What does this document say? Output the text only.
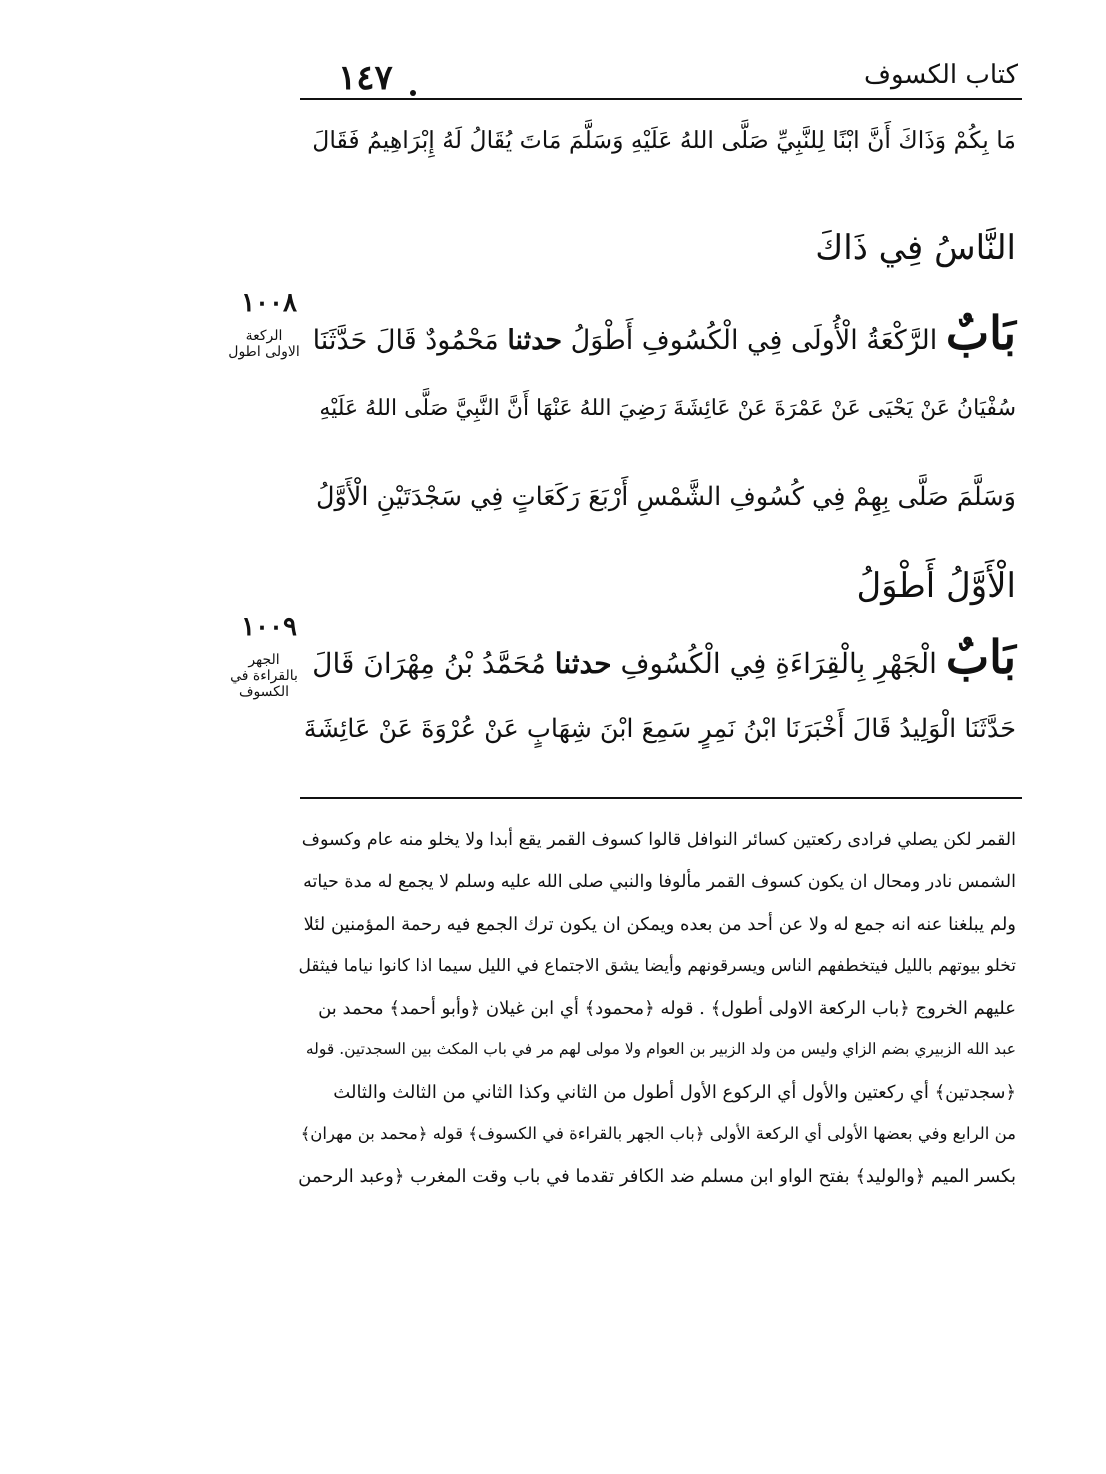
١٤٧	كتاب الكسوف
مَا بِكُمْ وَذَاكَ أَنَّ ابْنًا لِلنَّبِيِّ صَلَّى اللهُ عَلَيْهِ وَسَلَّمَ مَاتَ يُقَالُ لَهُ إِبْرَاهِيمُ فَقَالَ
النَّاسُ فِي ذَاكَ
١٠٠٨
الركعة
الاولى اطول	بَابٌ الرَّكْعَةُ الْأُولَى فِي الْكُسُوفِ أَطْوَلُ حدثنا مَحْمُودٌ قَالَ حَدَّثَنَا
سُفْيَانُ عَنْ يَحْيَى عَنْ عَمْرَةَ عَنْ عَائِشَةَ رَضِيَ اللهُ عَنْهَا أَنَّ النَّبِيَّ صَلَّى اللهُ عَلَيْهِ
وَسَلَّمَ صَلَّى بِهِمْ فِي كُسُوفِ الشَّمْسِ أَرْبَعَ رَكَعَاتٍ فِي سَجْدَتَيْنِ الْأَوَّلُ
الْأَوَّلُ أَطْوَلُ
١٠٠٩
الجهر
بالقراءة في
الكسوف
بَابٌ الْجَهْرِ بِالْقِرَاءَةِ فِي الْكُسُوفِ حدثنا مُحَمَّدُ بْنُ مِهْرَانَ قَالَ
حَدَّثَنَا الْوَلِيدُ قَالَ أَخْبَرَنَا ابْنُ نَمِرٍ سَمِعَ ابْنَ شِهَابٍ عَنْ عُرْوَةَ عَنْ عَائِشَةَ
القمر لكن يصلي فرادى ركعتين كسائر النوافل قالوا كسوف القمر يقع أبدا ولا يخلو منه عام وكسوف
الشمس نادر ومحال ان يكون كسوف القمر مألوفا والنبي صلى الله عليه وسلم لا يجمع له مدة حياته
ولم يبلغنا عنه انه جمع له ولا عن أحد من بعده ويمكن ان يكون ترك الجمع فيه رحمة المؤمنين لئلا
تخلو بيوتهم بالليل فيتخطفهم الناس ويسرقونهم وأيضا يشق الاجتماع في الليل سيما اذا كانوا نياما فيثقل
عليهم الخروج ﴿باب الركعة الاولى أطول﴾ . قوله ﴿محمود﴾ أي ابن غيلان ﴿وأبو أحمد﴾ محمد بن
عبد الله الزبيري بضم الزاي وليس من ولد الزبير بن العوام ولا مولى لهم مر في باب المكث بين السجدتين. قوله
﴿سجدتين﴾ أي ركعتين والأول أي الركوع الأول أطول من الثاني وكذا الثاني من الثالث والثالث
من الرابع وفي بعضها الأولى أي الركعة الأولى ﴿باب الجهر بالقراءة في الكسوف﴾ قوله ﴿محمد بن مهران﴾
بكسر الميم ﴿والوليد﴾ بفتح الواو ابن مسلم ضد الكافر تقدما في باب وقت المغرب ﴿وعبد الرحمن
